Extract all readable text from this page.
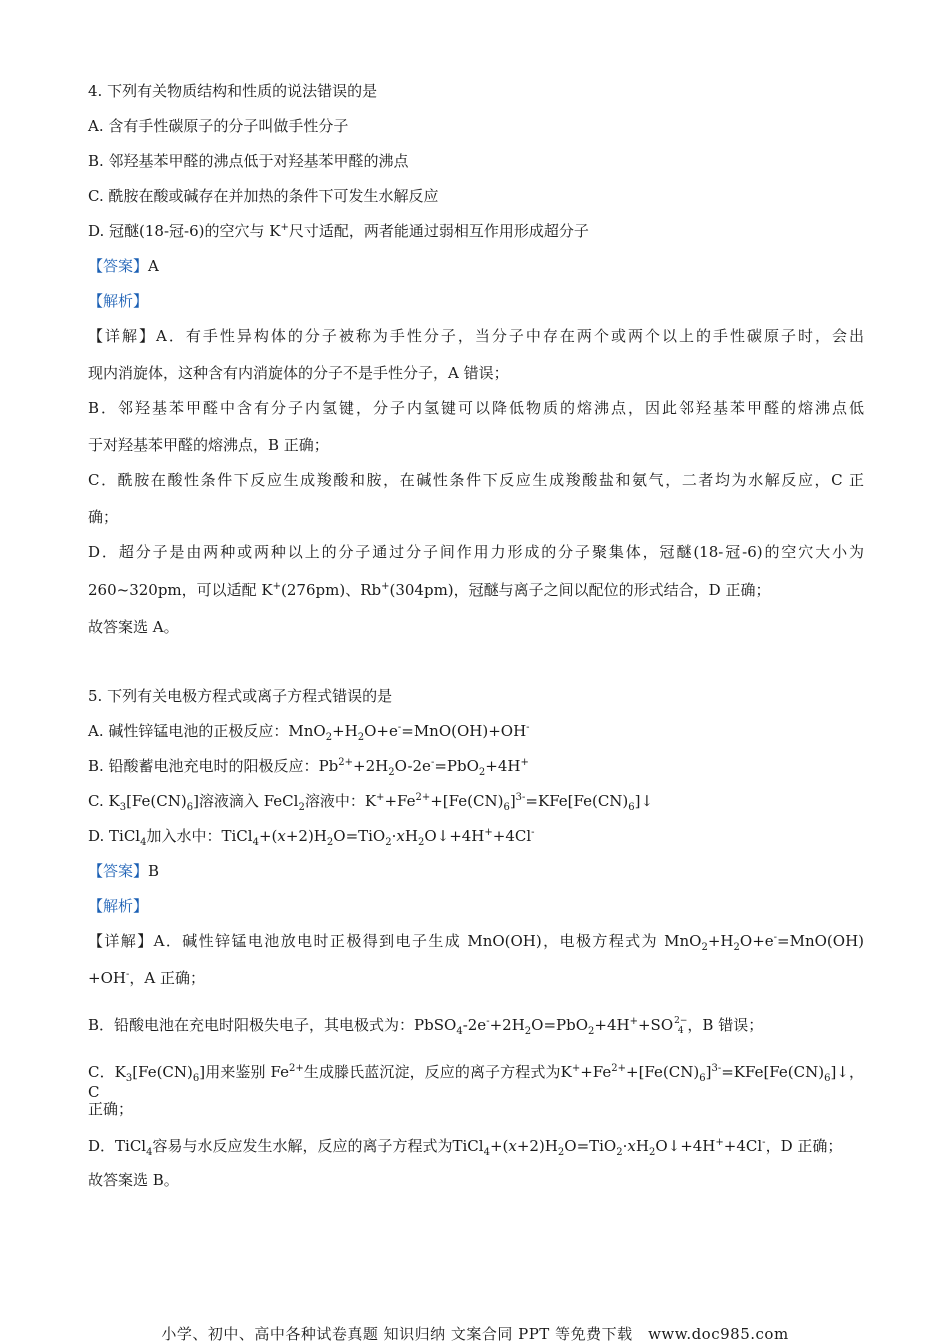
4. 下列有关物质结构和性质的说法错误的是
A. 含有手性碳原子的分子叫做手性分子
B. 邻羟基苯甲醛的沸点低于对羟基苯甲醛的沸点
C. 酰胺在酸或碱存在并加热的条件下可发生水解反应
D. 冠醚(18-冠-6)的空穴与 K+尺寸适配，两者能通过弱相互作用形成超分子
【答案】A
【解析】
【详解】A．有手性异构体的分子被称为手性分子，当分子中存在两个或两个以上的手性碳原子时，会出
现内消旋体，这种含有内消旋体的分子不是手性分子，A 错误；
B．邻羟基苯甲醛中含有分子内氢键，分子内氢键可以降低物质的熔沸点，因此邻羟基苯甲醛的熔沸点低
于对羟基苯甲醛的熔沸点，B 正确；
C．酰胺在酸性条件下反应生成羧酸和胺，在碱性条件下反应生成羧酸盐和氨气，二者均为水解反应，C 正
确；
D．超分子是由两种或两种以上的分子通过分子间作用力形成的分子聚集体，冠醚(18-冠-6)的空穴大小为
260~320pm，可以适配 K+(276pm)、Rb+(304pm)，冠醚与离子之间以配位的形式结合，D 正确；
故答案选 A。
5. 下列有关电极方程式或离子方程式错误的是
A. 碱性锌锰电池的正极反应：$MnO_2+H_2O+e^-=MnO(OH)+OH^-$
B. 铅酸蓄电池充电时的阳极反应：$Pb^{2+}+2H_2O-2e^-=PbO_2+4H^+$
C. $K_3[Fe(CN)_6]$溶液滴入 FeCl$_2$溶液中：$K^++Fe^{2+}+[Fe(CN)_6]^{3-}=KFe[Fe(CN)_6]↓$
D. TiCl$_4$加入水中：$TiCl_4+(x+2)H_2O=TiO_2\cdot xH_2O↓+4H^++4Cl^-$
【答案】B
【解析】
【详解】A．碱性锌锰电池放电时正极得到电子生成 MnO(OH)，电极方程式为 $MnO_2+H_2O+e^-=MnO(OH)$
+OH-，A 正确；
B．铅酸电池在充电时阳极失电子，其电极式为：$PbSO_4-2e^-+2H_2O=PbO_2+4H^++SO$ 2−
4 ，B 错误；
C．$K_3[Fe(CN)_6]$用来鉴别 $Fe^{2+}$生成滕氏蓝沉淀，反应的离子方程式为$K^++Fe^{2+}+[Fe(CN)_6]^{3-}=KFe[Fe(CN)_6]↓$，C
正确；
D．TiCl$_4$容易与水反应发生水解，反应的离子方程式为$TiCl_4+(x+2)H_2O=TiO_2\cdot xH_2O↓+4H^++4Cl^-$，D 正确；
故答案选 B。
小学、初中、高中各种试卷真题 知识归纳 文案合同 PPT 等免费下载　www.doc985.com
